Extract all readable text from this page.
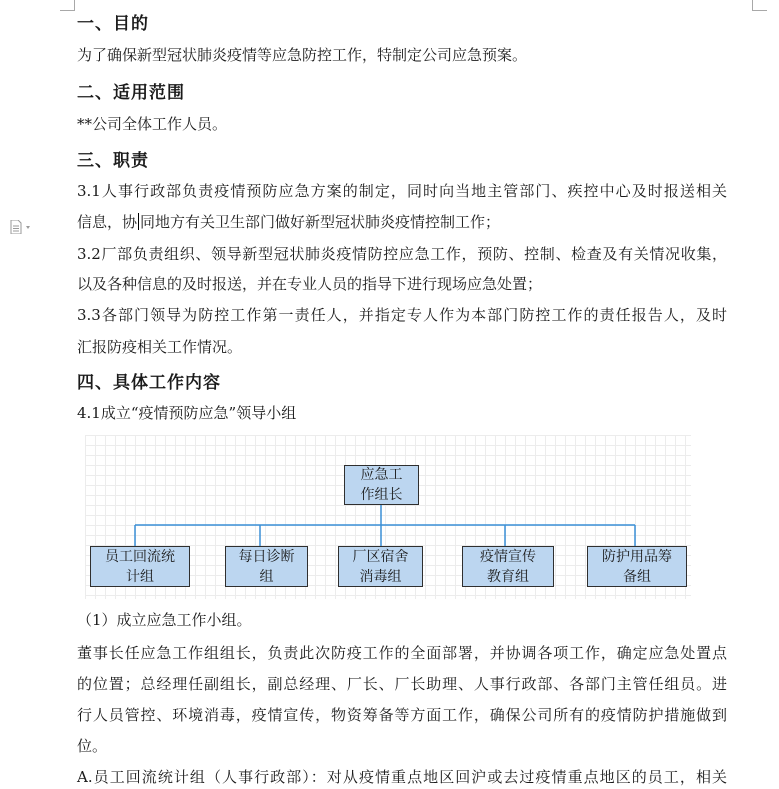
一、目的

为了确保新型冠状肺炎疫情等应急防控工作，特制定公司应急预案。

二、适用范围

**公司全体工作人员。

三、职责

3.1人事行政部负责疫情预防应急方案的制定，同时向当地主管部门、疾控中心及时报送相关

信息，协 同地方有关卫生部门做好新型冠状肺炎疫情控制工作；

3.2厂部负责组织、领导新型冠状肺炎疫情防控应急工作，预防、控制、检查及有关情况收集，

以及各种信息的及时报送，并在专业人员的指导下进行现场应急处置；

3.3各部门领导为防控工作第一责任人，并指定专人作为本部门防控工作的责任报告人，及时

汇报防疫相关工作情况。

四、具体工作内容

4.1成立“疫情预防应急”领导小组

应急工
作组长
员工回流统
计组
每日诊断
组
厂区宿舍
消毒组
疫情宣传
教育组
防护用品筹
备组

（1）成立应急工作小组。

董事长任应急工作组组长，负责此次防疫工作的全面部署，并协调各项工作，确定应急处置点

的位置；总经理任副组长，副总经理、厂长、厂长助理、人事行政部、各部门主管任组员。进

行人员管控、环境消毒，疫情宣传，物资筹备等方面工作，确保公司所有的疫情防护措施做到

位。

A.员工回流统计组（人事行政部）：对从疫情重点地区回沪或去过疫情重点地区的员工，相关
